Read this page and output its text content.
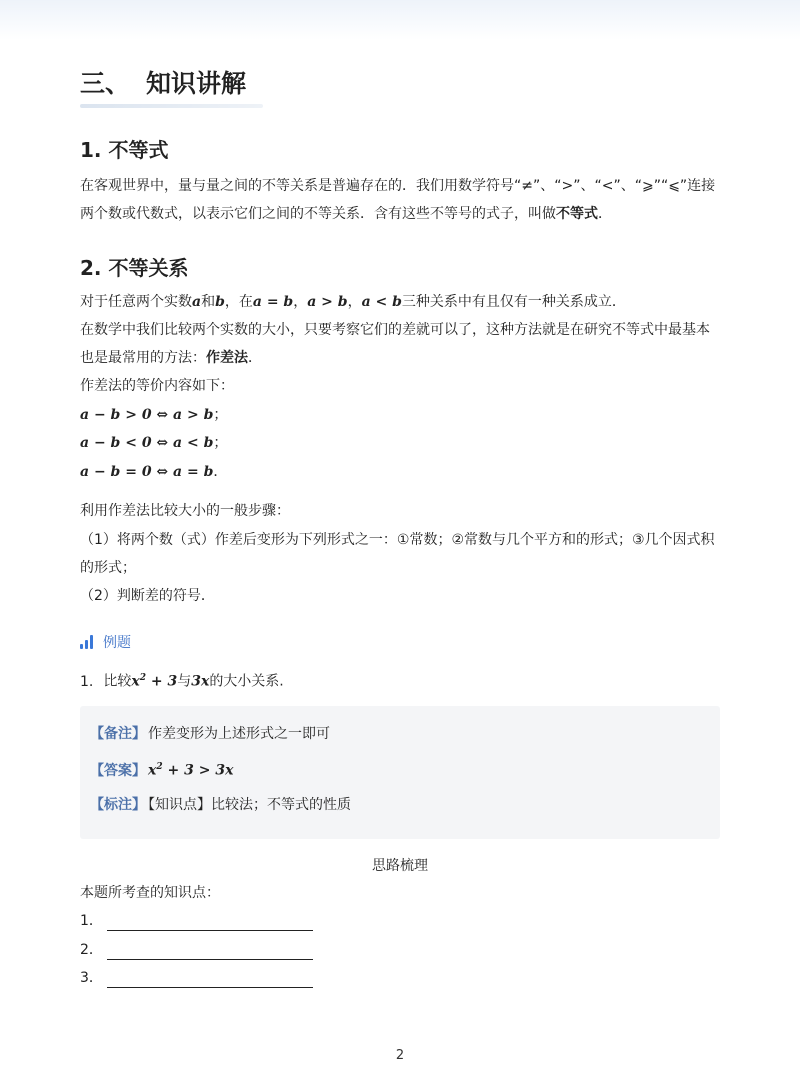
三、 知识讲解
1. 不等式
在客观世界中，量与量之间的不等关系是普遍存在的．我们用数学符号“≠”、“>”、“<”、“⩾”“⩽”连接两个数或代数式，以表示它们之间的不等关系．含有这些不等号的式子，叫做不等式．
2. 不等关系
对于任意两个实数a和b，在a = b，a > b，a < b三种关系中有且仅有一种关系成立．
在数学中我们比较两个实数的大小，只要考察它们的差就可以了，这种方法就是在研究不等式中最基本也是最常用的方法：作差法．
作差法的等价内容如下：
a − b > 0 ⇔ a > b；
a − b < 0 ⇔ a < b；
a − b = 0 ⇔ a = b．
利用作差法比较大小的一般步骤：
（1）将两个数（式）作差后变形为下列形式之一：①常数；②常数与几个平方和的形式；③几个因式积的形式；
（2）判断差的符号．
例题
1. 比较$x^2 + 3$与3x的大小关系.
【备注】 作差变形为上述形式之一即可
【答案】 $x^2 + 3 > 3x$
【标注】 【知识点】比较法；不等式的性质
思路梳理
本题所考查的知识点：
1．
2．
3．
2
